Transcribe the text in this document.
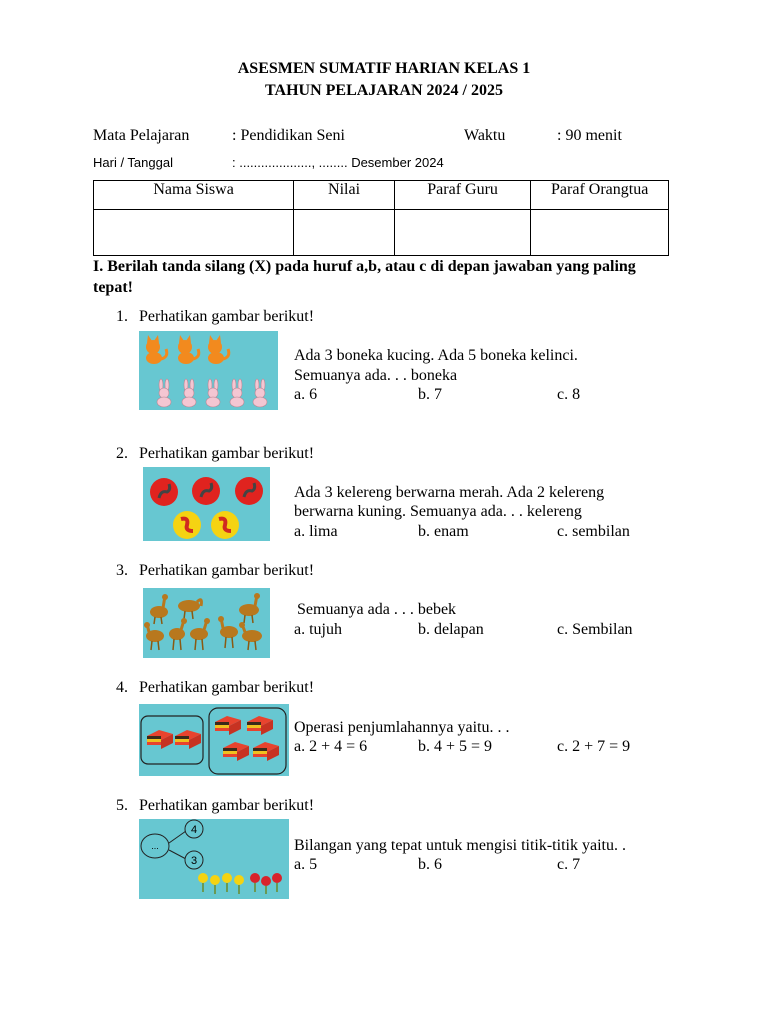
ASESMEN SUMATIF HARIAN KELAS 1
TAHUN PELAJARAN 2024 / 2025
Mata Pelajaran	: Pendidikan Seni	Waktu	: 90 menit
Hari / Tanggal	: ...................., ........ Desember 2024
Nama Siswa	Nilai	Paraf Guru	Paraf Orangtua

I. Berilah tanda silang (X) pada huruf a,b, atau c di depan jawaban yang paling tepat!
1. Perhatikan gambar berikut!
Ada 3 boneka kucing. Ada 5 boneka kelinci.
Semuanya ada. . . boneka
a. 6	b. 7	c. 8
2. Perhatikan gambar berikut!
Ada 3 kelereng berwarna merah. Ada 2 kelereng
berwarna kuning. Semuanya ada. . . kelereng
a. lima	b. enam	c. sembilan
3. Perhatikan gambar berikut!
Semuanya ada . . . bebek
a. tujuh	b. delapan	c. Sembilan
4. Perhatikan gambar berikut!
Operasi penjumlahannya yaitu. . .
a. 2 + 4 = 6	b. 4 + 5 = 9	c. 2 + 7 = 9
5. Perhatikan gambar berikut!
...
4
3
Bilangan yang tepat untuk mengisi titik-titik yaitu. .
a. 5	b. 6	c. 7
